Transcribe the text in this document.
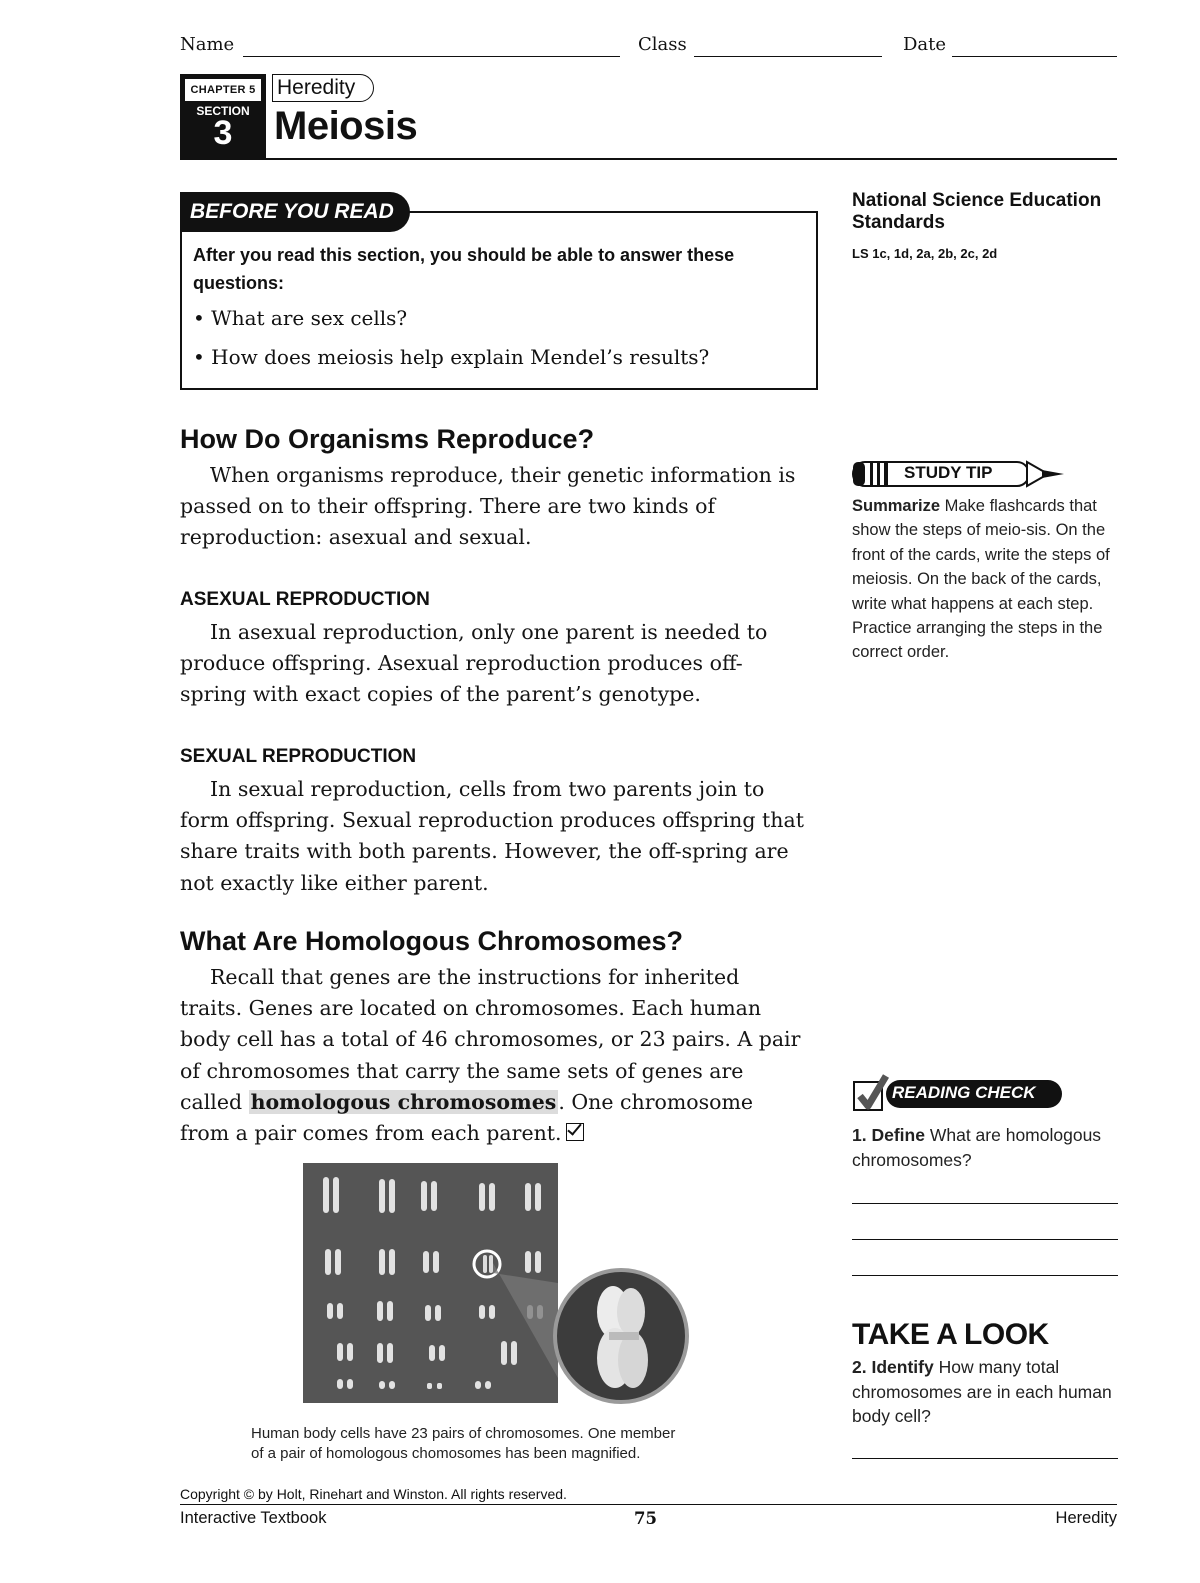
Name	Class	Date
CHAPTER 5
SECTION
3
Heredity
Meiosis
BEFORE YOU READ
After you read this section, you should be able to answer these questions:
• What are sex cells?
• How does meiosis help explain Mendel’s results?
National Science Education Standards
LS 1c, 1d, 2a, 2b, 2c, 2d
How Do Organisms Reproduce?
When organisms reproduce, their genetic information is passed on to their offspring. There are two kinds of reproduction: asexual and sexual.
ASEXUAL REPRODUCTION
In asexual reproduction, only one parent is needed to produce offspring. Asexual reproduction produces off-spring with exact copies of the parent’s genotype.
SEXUAL REPRODUCTION
In sexual reproduction, cells from two parents join to form offspring. Sexual reproduction produces offspring that share traits with both parents. However, the off-spring are not exactly like either parent.
What Are Homologous Chromosomes?
Recall that genes are the instructions for inherited traits. Genes are located on chromosomes. Each human body cell has a total of 46 chromosomes, or 23 pairs. A pair of chromosomes that carry the same sets of genes are called homologous chromosomes. One chromosome from a pair comes from each parent.
STUDY TIP
Summarize Make flashcards that show the steps of meio-sis. On the front of the cards, write the steps of meiosis. On the back of the cards, write what happens at each step. Practice arranging the steps in the correct order.
READING CHECK
1. Define What are homologous chromosomes?
TAKE A LOOK
2. Identify How many total chromosomes are in each human body cell?
Human body cells have 23 pairs of chromosomes. One member
of a pair of homologous chomosomes has been magnified.
Copyright © by Holt, Rinehart and Winston. All rights reserved.
Interactive Textbook	75	Heredity
